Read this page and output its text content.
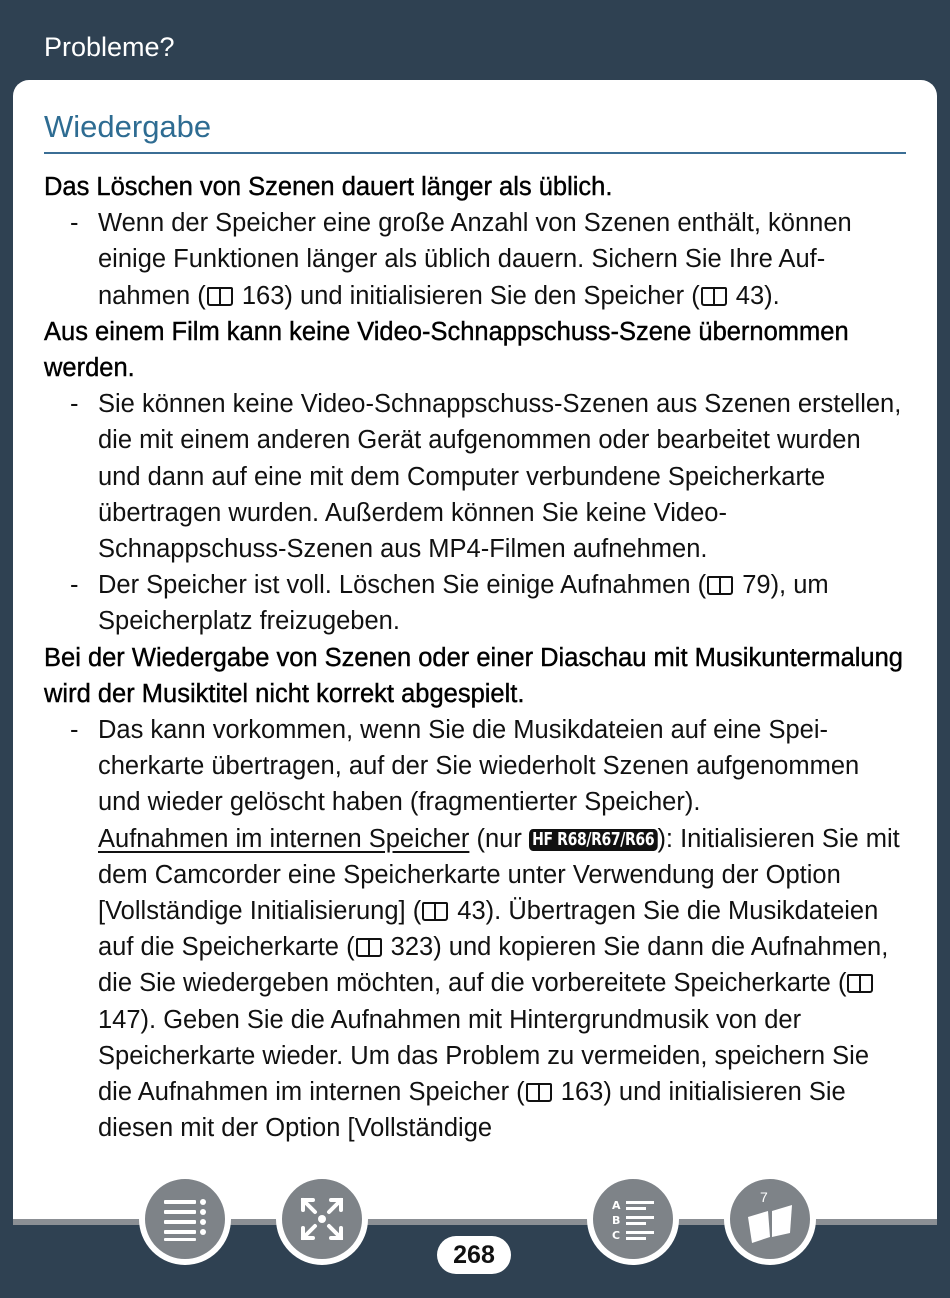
Probleme?
Wiedergabe
Das Löschen von Szenen dauert länger als üblich.
- Wenn der Speicher eine große Anzahl von Szenen enthält, können einige Funktionen länger als üblich dauern. Sichern Sie Ihre Aufnahmen ( 163) und initialisieren Sie den Speicher ( 43).
Aus einem Film kann keine Video-Schnappschuss-Szene übernommen werden.
- Sie können keine Video-Schnappschuss-Szenen aus Szenen erstellen, die mit einem anderen Gerät aufgenommen oder bearbeitet wurden und dann auf eine mit dem Computer verbundene Speicherkarte übertragen wurden. Außerdem können Sie keine Video-Schnappschuss-Szenen aus MP4-Filmen aufnehmen.
- Der Speicher ist voll. Löschen Sie einige Aufnahmen ( 79), um Speicherplatz freizugeben.
Bei der Wiedergabe von Szenen oder einer Diaschau mit Musikuntermalung wird der Musiktitel nicht korrekt abgespielt.
- Das kann vorkommen, wenn Sie die Musikdateien auf eine Speicherkarte übertragen, auf der Sie wiederholt Szenen aufgenommen und wieder gelöscht haben (fragmentierter Speicher).
Aufnahmen im internen Speicher (nur HF R68/R67/R66 ): Initialisieren Sie mit dem Camcorder eine Speicherkarte unter Verwendung der Option [Vollständige Initialisierung] ( 43). Übertragen Sie die Musikdateien auf die Speicherkarte ( 323) und kopieren Sie dann die Aufnahmen, die Sie wiedergeben möchten, auf die vorbereitete Speicherkarte ( 147). Geben Sie die Aufnahmen mit Hintergrundmusik von der Speicherkarte wieder. Um das Problem zu vermeiden, speichern Sie die Aufnahmen im internen Speicher ( 163) und initialisieren Sie diesen mit der Option [Vollständige
A
B
C
7
268
